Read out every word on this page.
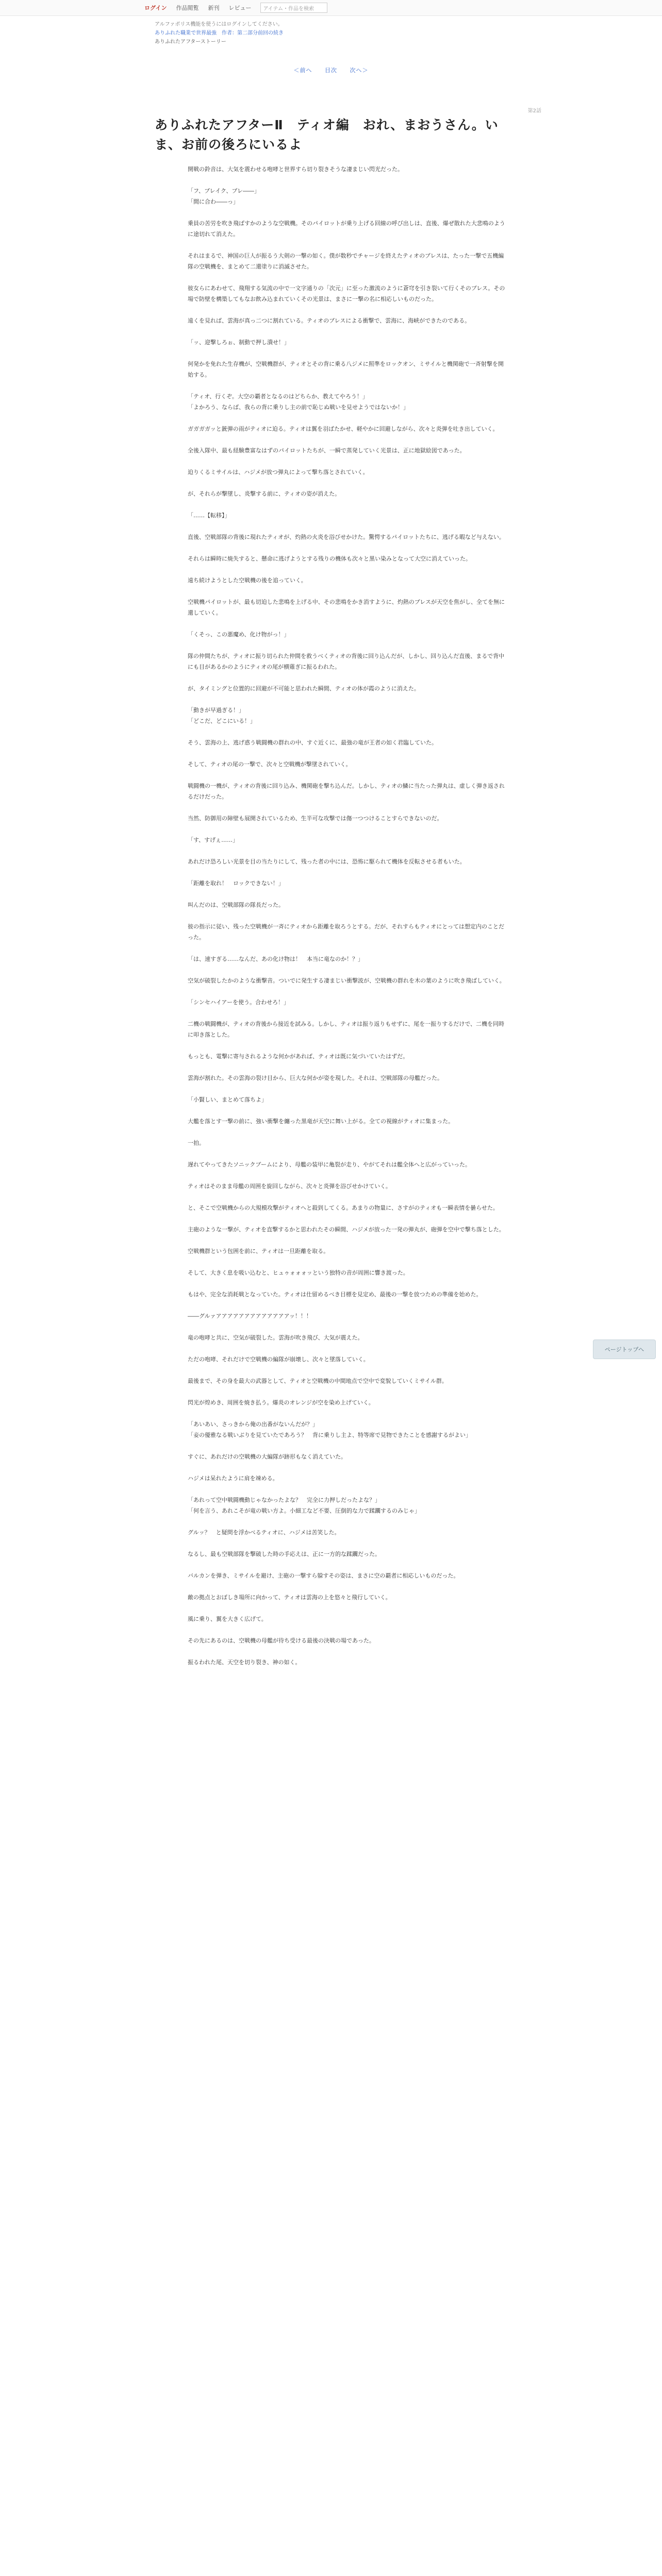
ログイン 作品閲覧 新刊 レビュー	アイテム・作品を検索
アルファポリス機能を使うにはログインしてください。
ありふれた職業で世界最強　作者：第二部分前回の続き
ありふれたアフターストーリー
＜前へ 目次 次へ＞
第2話
ありふれたアフターⅡ　ティオ編　おれ、まおうさん。い
ま、お前の後ろにいるよ

開戦の鈴音は、大気を震わせる咆哮と世界すら切り裂きそうな凄まじい閃光だった。

「フ、ブレイク、ブレ――」

「間に合わ――っ」

乗員の苦労を吹き飛ばすかのような空戦機。そのパイロットが乗り上げる回線の呼び出しは、直後、爆ぜ散れた大悲鳴のように途切れて消えた。

それはまるで、神国の巨人が振るう大剣の一撃の如く。僕が数秒でチャージを終えたティオのブレスは、たった一撃で五機編隊の空戦機を、まとめて二還塗りに消滅させた。

彼女らにあわせて、飛翔する気流の中で一文字通りの「次元」に至った激流のように蒼穹を引き裂いて行くそのブレス。その場で防壁を構築してもなお飲み込まれていくその光景は、まさに一撃の名に相応しいものだった。

遠くを見れば、雲海が真っ二つに割れている。ティオのブレスによる衝撃で、雲海に、海峡ができたのである。

「ッ、迎撃しろぉ、制動で押し潰せ！」

何発かを免れた生存機が、空戦機群が、ティオとその背に乗る八ジメに照準をロックオン、ミサイルと機関砲で一斉射撃を開始する。

「ティオ、行くぞ。大空の覇者となるのはどちらか、教えてやろう！」

「よかろう、ならば、我らの背に乗りし主の前で恥じぬ戦いを見せようではないか！」

ガガガガッと銃弾の雨がティオに迫る。ティオは翼を羽ばたかせ、軽やかに回避しながら、次々と炎弾を吐き出していく。

全後入隊中、最も経験豊富なはずのパイロットたちが、一瞬で蒸発していく光景は、正に地獄絵図であった。

迫りくるミサイルは、ハジメが放つ弾丸によって撃ち落とされていく。

が、それらが撃墜し、炎撃する前に、ティオの姿が消えた。

「……【転移】」

直後、空戦部隊の背後に現れたティオが、灼熱の火炎を浴びせかけた。驚愕するパイロットたちに、逃げる暇など与えない。

それらは瞬時に焼失すると、懸命に逃げようとする残りの機体も次々と黒い染みとなって大空に消えていった。

遠ち続けようとした空戦機の後を追っていく。

空戦機パイロットが、最も切迫した悲鳴を上げる中、その悲鳴をかき消すように、灼熱のブレスが天空を焦がし、全てを無に還していく。

「くそっ、この悪魔め、化け物がっ！」

隊の仲間たちが、ティオに振り切られた仲間を救うべくティオの背後に回り込んだが、しかし、回り込んだ直後、まるで背中にも目があるかのようにティオの尾が横薙ぎに振るわれた。

が、タイミングと位置的に回避が不可能と思われた瞬間、ティオの体が霞のように消えた。

「動きが早過ぎる！」

「どこだ、どこにいる！」

そう、雲海の上、逃げ惑う戦闘機の群れの中、すぐ近くに、最強の竜が王者の如く君臨していた。

そして、ティオの尾の一撃で、次々と空戦機が撃墜されていく。

戦闘機の一機が、ティオの背後に回り込み、機関砲を撃ち込んだ。しかし、ティオの鱗に当たった弾丸は、虚しく弾き返されるだけだった。

当然、防御用の障壁も展開されているため、生半可な攻撃では傷一つつけることすらできないのだ。

「す、すげぇ……」

あれだけ恐ろしい光景を目の当たりにして、残った者の中には、恐怖に駆られて機体を反転させる者もいた。

「距離を取れ！　ロックできない！」

叫んだのは、空戦部隊の隊長だった。

彼の指示に従い、残った空戦機が一斉にティオから距離を取ろうとする。だが、それすらもティオにとっては想定内のことだった。

「は、速すぎる……なんだ、あの化け物は！　本当に竜なのか！？」

空気が破裂したかのような衝撃音。ついでに発生する凄まじい衝撃波が、空戦機の群れを木の葉のように吹き飛ばしていく。

「シンセハイアーを使う。合わせろ！」

二機の戦闘機が、ティオの背後から接近を試みる。しかし、ティオは振り返りもせずに、尾を一振りするだけで、二機を同時に叩き落とした。

もっとも、電撃に寄与されるような何かがあれば、ティオは既に気づいていたはずだ。

雲海が割れた。その雲海の裂け目から、巨大な何かが姿を現した。それは、空戦部隊の母艦だった。

「小賢しい、まとめて落ちよ」

大艦を落とす一撃の前に、強い衝撃を纏った黒竜が天空に舞い上がる。全ての視線がティオに集まった。

一拍。

遅れてやってきたソニックブームにより、母艦の装甲に亀裂が走り、やがてそれは艦全体へと広がっていった。

ティオはそのまま母艦の周囲を旋回しながら、次々と炎弾を浴びせかけていく。

と、そこで空戦機からの大規模攻撃がティオへと殺到してくる。あまりの物量に、さすがのティオも一瞬表情を曇らせた。

主砲のような一撃が、ティオを直撃するかと思われたその瞬間、ハジメが放った一発の弾丸が、砲弾を空中で撃ち落とした。

空戦機群という包囲を前に、ティオは一旦距離を取る。

そして、大きく息を吸い込むと、ヒュゥォォォッという独特の音が周囲に響き渡った。

もはや、完全な消耗戦となっていた。ティオは仕留めるべき目標を見定め、最後の一撃を放つための準備を始めた。

――グルァアアアアアアアアアアアアアッ！！！

竜の咆哮と共に、空気が破裂した。雲海が吹き飛び、大気が震えた。

ただの咆哮、それだけで空戦機の編隊が崩壊し、次々と墜落していく。

最後まで、その身を最大の武器として、ティオと空戦機の中間地点で空中で変貌していくミサイル群。

閃光が煌めき、周囲を焼き払う。爆炎のオレンジが空を染め上げていく。

「あいあい、さっきから俺の出番がないんだが？」

「妾の優雅なる戦いぶりを見ていたであろう？　背に乗りし主よ、特等席で見物できたことを感謝するがよい」

すぐに、あれだけの空戦機の大編隊が跡形もなく消えていた。

ハジメは呆れたように肩を竦める。

「あれって空中戦闘機動じゃなかったよな？　完全に力押しだったよな？」

「何を言う、あれこそが竜の戦い方よ。小細工など不要、圧倒的な力で蹂躙するのみじゃ」

グルッ？　と疑問を浮かべるティオに、ハジメは苦笑した。

なるし、最も空戦部隊を撃破した時の手応えは、正に一方的な蹂躙だった。

バルカンを弾き、ミサイルを避け、主砲の一撃すら躱すその姿は、まさに空の覇者に相応しいものだった。

敵の拠点とおぼしき場所に向かって、ティオは雲海の上を悠々と飛行していく。

風に乗り、翼を大きく広げて。

その先にあるのは、空戦機の母艦が待ち受ける最後の決戦の場であった。

振るわれた尾、天空を切り裂き、神の如く。

ページトップへ
